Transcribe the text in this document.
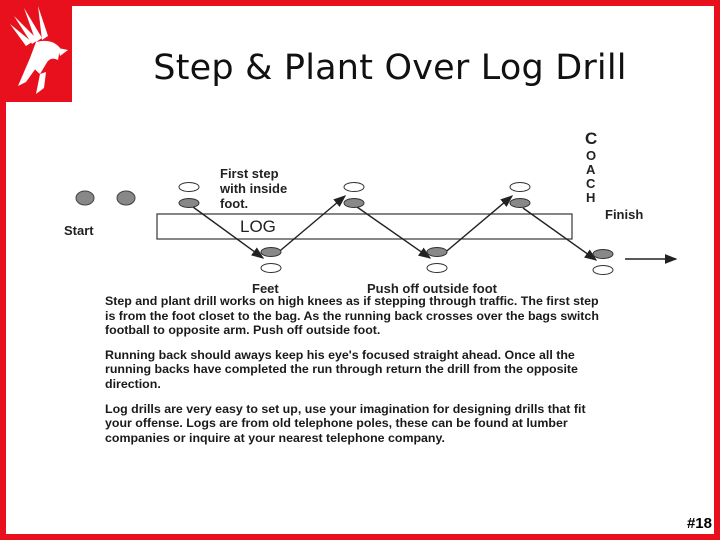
Step & Plant Over Log Drill
Start	LOG
First step
with inside
foot.
Feet	Push off outside foot
Finish
C
O
A
C
H

Step and plant drill works on high knees as if stepping through traffic. The first step is from the foot closet to the bag. As the running back crosses over the bags switch football to opposite arm. Push off outside foot.

Running back should aways keep his eye's focused straight ahead. Once all the running backs have completed the run through return the drill from the opposite direction.

Log drills are very easy to set up, use your imagination for designing drills that fit your offense. Logs are from old telephone poles, these can be found at lumber companies or inquire at your nearest telephone company.

#18
